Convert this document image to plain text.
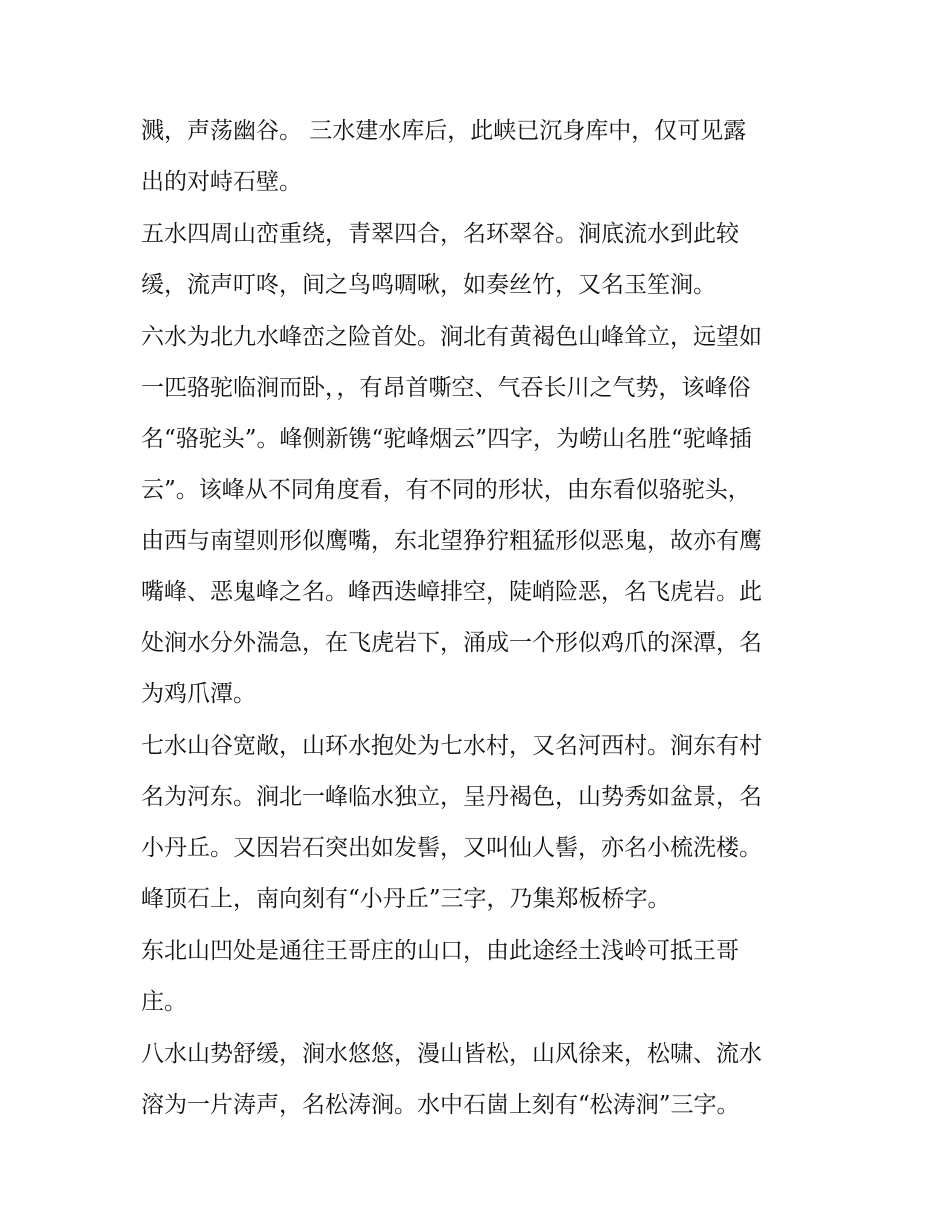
溅，声荡幽谷。 三水建水库后，此峡已沉身库中，仅可见露
出的对峙石壁。
五水四周山峦重绕，青翠四合，名环翠谷。涧底流水到此较
缓，流声叮咚，间之鸟鸣啁啾，如奏丝竹，又名玉笙涧。
六水为北九水峰峦之险首处。涧北有黄褐色山峰耸立，远望如
一匹骆驼临涧而卧，，有昂首嘶空、气吞长川之气势，该峰俗
名“骆驼头”。峰侧新镌“驼峰烟云”四字，为崂山名胜“驼峰插
云”。该峰从不同角度看，有不同的形状，由东看似骆驼头，
由西与南望则形似鹰嘴，东北望狰狞粗猛形似恶鬼，故亦有鹰
嘴峰、恶鬼峰之名。峰西迭嶂排空，陡峭险恶，名飞虎岩。此
处涧水分外湍急，在飞虎岩下，涌成一个形似鸡爪的深潭，名
为鸡爪潭。
七水山谷宽敞，山环水抱处为七水村，又名河西村。涧东有村
名为河东。涧北一峰临水独立，呈丹褐色，山势秀如盆景，名
小丹丘。又因岩石突出如发髻，又叫仙人髻，亦名小梳洗楼。
峰顶石上，南向刻有“小丹丘”三字，乃集郑板桥字。
东北山凹处是通往王哥庄的山口，由此途经土浅岭可抵王哥
庄。
八水山势舒缓，涧水悠悠，漫山皆松，山风徐来，松啸、流水
溶为一片涛声，名松涛涧。水中石崮上刻有“松涛涧”三字。
